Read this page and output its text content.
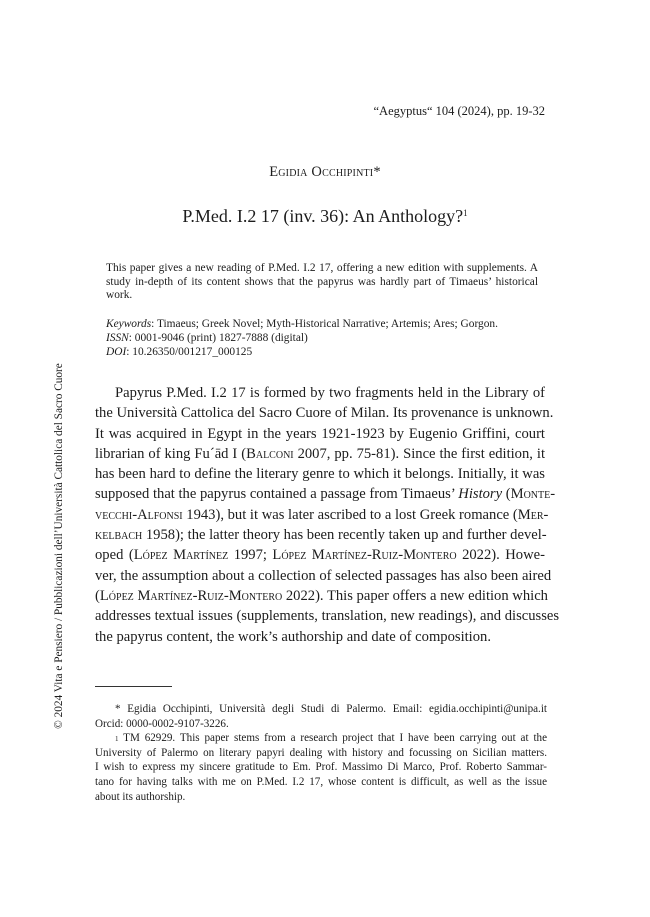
“Aegyptus“ 104 (2024), pp. 19-32
Egidia Occhipinti*
P.Med. I.2 17 (inv. 36): An Anthology?$^1$
This paper gives a new reading of P.Med. I.2 17, offering a new edition with supplements. A study in-depth of its content shows that the papyrus was hardly part of Timaeus’ historical work.
Keywords: Timaeus; Greek Novel; Myth-Historical Narrative; Artemis; Ares; Gorgon.
ISSN: 0001-9046 (print) 1827-7888 (digital)
DOI: 10.26350/001217_000125
© 2024 Vita e Pensiero / Pubblicazioni dell’Università Cattolica del Sacro Cuore	Papyrus P.Med. I.2 17 is formed by two fragments held in the Library of
the Università Cattolica del Sacro Cuore of Milan. Its provenance is unknown.
It was acquired in Egypt in the years 1921-1923 by Eugenio Griffini, court
librarian of king Fu´ād I (Balconi 2007, pp. 75-81). Since the first edition, it
has been hard to define the literary genre to which it belongs. Initially, it was
supposed that the papyrus contained a passage from Timaeus’ History (Monte-
vecchi-Alfonsi 1943), but it was later ascribed to a lost Greek romance (Mer-
kelbach 1958); the latter theory has been recently taken up and further devel-
oped (López Martínez 1997; López Martínez-Ruiz-Montero 2022). Howe-
ver, the assumption about a collection of selected passages has also been aired
(López Martínez-Ruiz-Montero 2022). This paper offers a new edition which
addresses textual issues (supplements, translation, new readings), and discusses
the papyrus content, the work’s authorship and date of composition.
* Egidia Occhipinti, Università degli Studi di Palermo. Email: egidia.occhipinti@unipa.it
Orcid: 0000-0002-9107-3226.
$^1$ TM 62929. This paper stems from a research project that I have been carrying out at the
University of Palermo on literary papyri dealing with history and focussing on Sicilian matters.
I wish to express my sincere gratitude to Em. Prof. Massimo Di Marco, Prof. Roberto Sammar-
tano for having talks with me on P.Med. I.2 17, whose content is difficult, as well as the issue
about its authorship.
